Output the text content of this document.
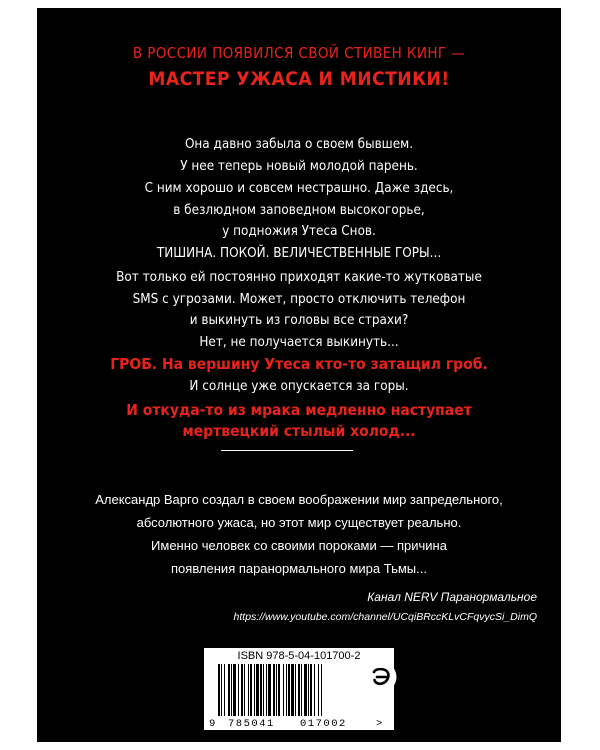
В РОССИИ ПОЯВИЛСЯ СВОЙ СТИВЕН КИНГ —
МАСТЕР УЖАСА И МИСТИКИ!
Она давно забыла о своем бывшем.
У нее теперь новый молодой парень.
С ним хорошо и совсем нестрашно. Даже здесь,
в безлюдном заповедном высокогорье,
у подножия Утеса Снов.
ТИШИНА. ПОКОЙ. ВЕЛИЧЕСТВЕННЫЕ ГОРЫ...
Вот только ей постоянно приходят какие-то жутковатые
SMS с угрозами. Может, просто отключить телефон
и выкинуть из головы все страхи?
Нет, не получается выкинуть...
ГРОБ. На вершину Утеса кто-то затащил гроб.
И солнце уже опускается за горы.
И откуда-то из мрака медленно наступает
мертвецкий стылый холод...
Александр Варго создал в своем воображении мир запредельного,
абсолютного ужаса, но этот мир существует реально.
Именно человек со своими пороками — причина
появления паранормального мира Тьмы...
Канал NERV Паранормальное
https://www.youtube.com/channel/UCqiBRccKLvCFqvycSi_DimQ
ISBN 978-5-04-101700-2
9 785041 017002	>
